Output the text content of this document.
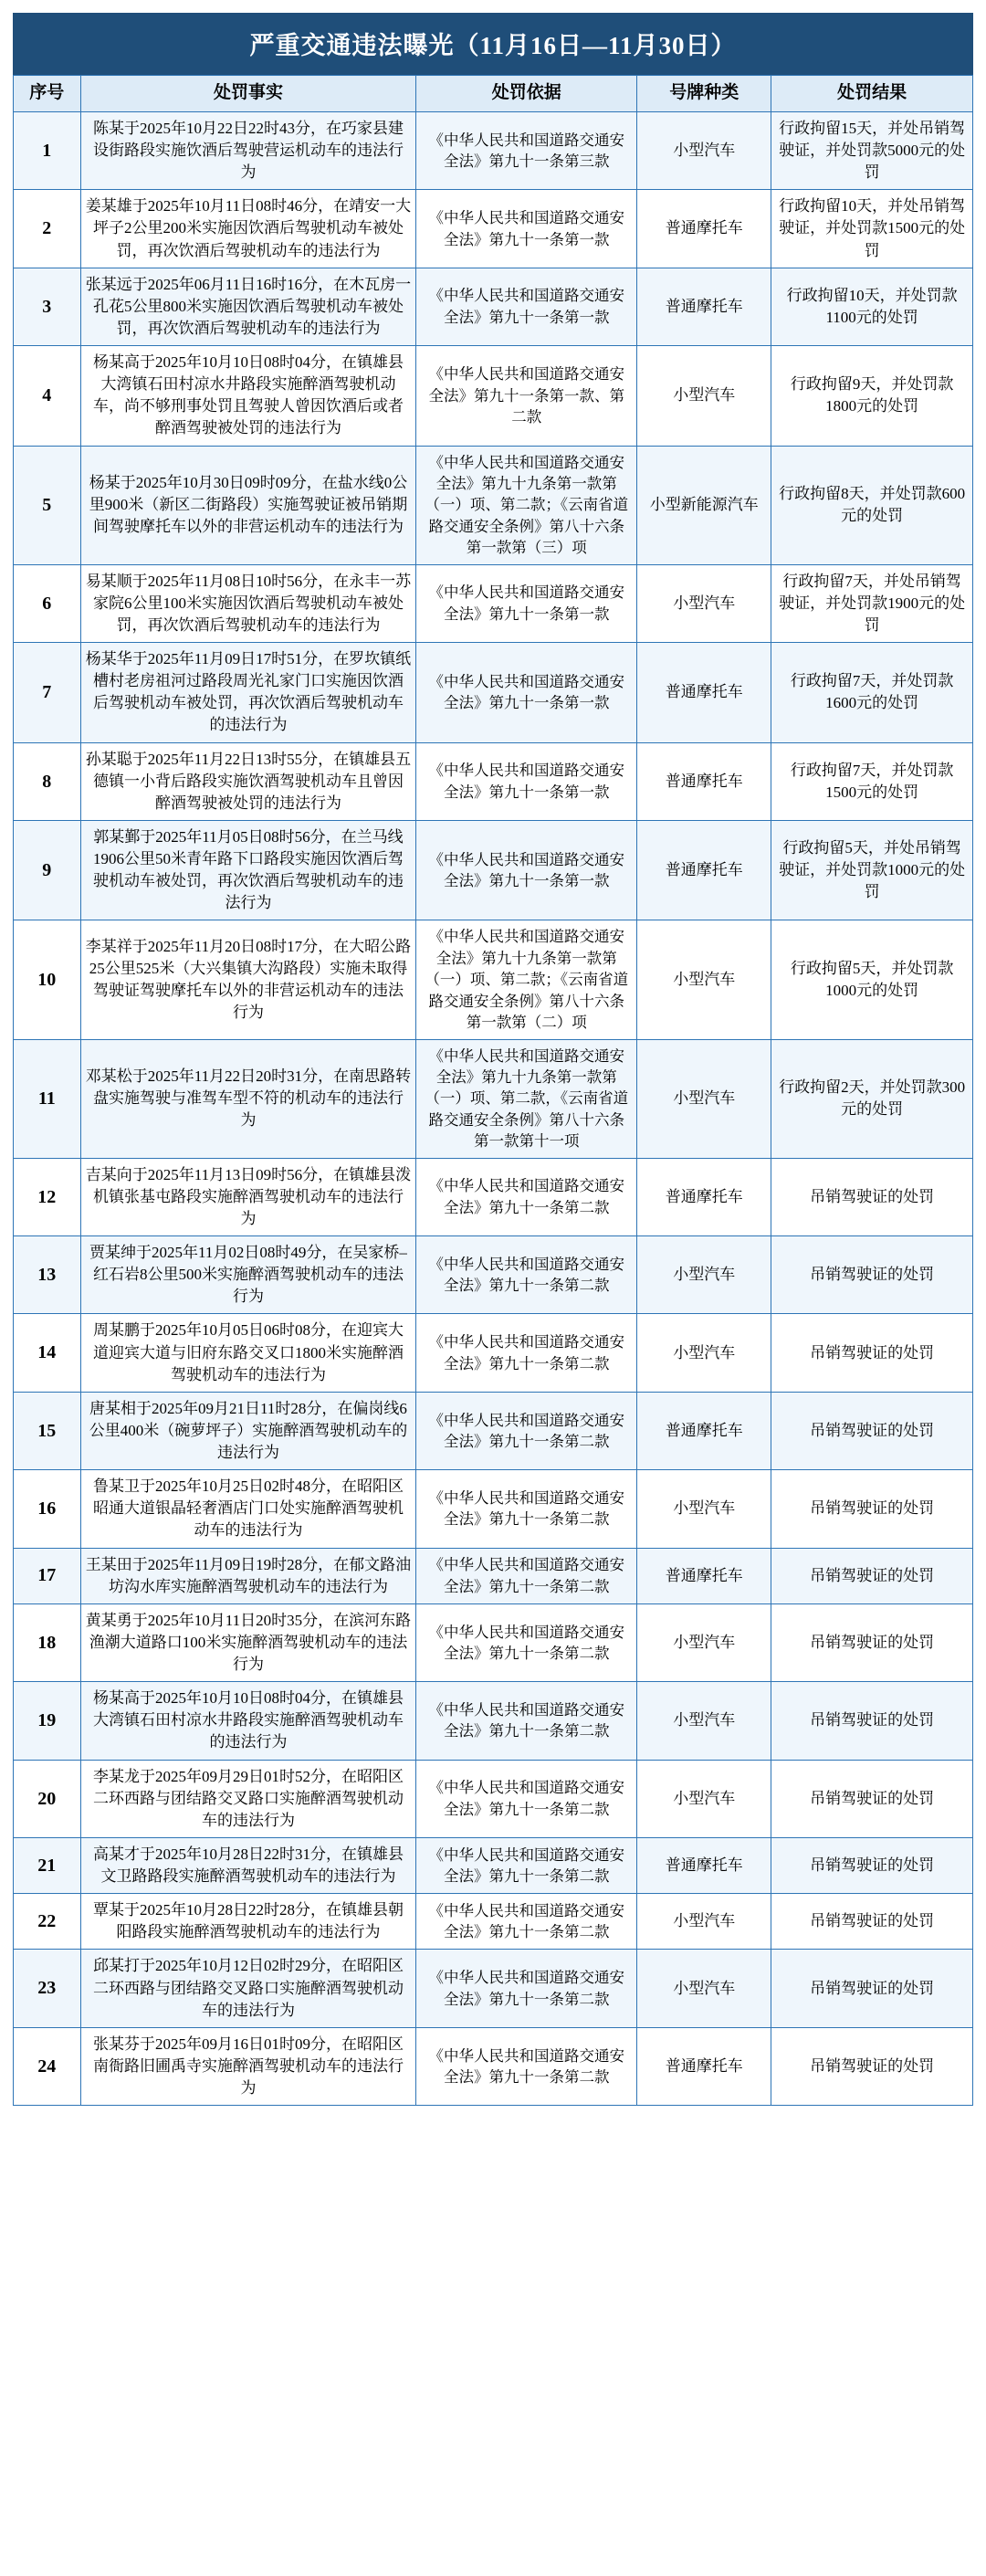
严重交通违法曝光（11月16日—11月30日）
序号	处罚事实	处罚依据	号牌种类	处罚结果
1	陈某于2025年10月22日22时43分，在巧家县建设街路段实施饮酒后驾驶营运机动车的违法行为	《中华人民共和国道路交通安全法》第九十一条第三款	小型汽车	行政拘留15天，并处吊销驾驶证，并处罚款5000元的处罚
2	姜某雄于2025年10月11日08时46分，在靖安一大坪子2公里200米实施因饮酒后驾驶机动车被处罚，再次饮酒后驾驶机动车的违法行为	《中华人民共和国道路交通安全法》第九十一条第一款	普通摩托车	行政拘留10天，并处吊销驾驶证，并处罚款1500元的处罚
3	张某远于2025年06月11日16时16分，在木瓦房一孔花5公里800米实施因饮酒后驾驶机动车被处罚，再次饮酒后驾驶机动车的违法行为	《中华人民共和国道路交通安全法》第九十一条第一款	普通摩托车	行政拘留10天，并处罚款1100元的处罚
4	杨某高于2025年10月10日08时04分，在镇雄县大湾镇石田村凉水井路段实施醉酒驾驶机动车，尚不够刑事处罚且驾驶人曾因饮酒后或者醉酒驾驶被处罚的违法行为	《中华人民共和国道路交通安全法》第九十一条第一款、第二款	小型汽车	行政拘留9天，并处罚款1800元的处罚
5	杨某于2025年10月30日09时09分，在盐水线0公里900米（新区二街路段）实施驾驶证被吊销期间驾驶摩托车以外的非营运机动车的违法行为	《中华人民共和国道路交通安全法》第九十九条第一款第（一）项、第二款；《云南省道路交通安全条例》第八十六条第一款第（三）项	小型新能源汽车	行政拘留8天，并处罚款600元的处罚
6	易某顺于2025年11月08日10时56分，在永丰一苏家院6公里100米实施因饮酒后驾驶机动车被处罚，再次饮酒后驾驶机动车的违法行为	《中华人民共和国道路交通安全法》第九十一条第一款	小型汽车	行政拘留7天，并处吊销驾驶证，并处罚款1900元的处罚
7	杨某华于2025年11月09日17时51分，在罗坎镇纸槽村老房祖河过路段周光礼家门口实施因饮酒后驾驶机动车被处罚，再次饮酒后驾驶机动车的违法行为	《中华人民共和国道路交通安全法》第九十一条第一款	普通摩托车	行政拘留7天，并处罚款1600元的处罚
8	孙某聪于2025年11月22日13时55分，在镇雄县五德镇一小背后路段实施饮酒驾驶机动车且曾因醉酒驾驶被处罚的违法行为	《中华人民共和国道路交通安全法》第九十一条第一款	普通摩托车	行政拘留7天，并处罚款1500元的处罚
9	郭某鄞于2025年11月05日08时56分，在兰马线1906公里50米青年路下口路段实施因饮酒后驾驶机动车被处罚，再次饮酒后驾驶机动车的违法行为	《中华人民共和国道路交通安全法》第九十一条第一款	普通摩托车	行政拘留5天，并处吊销驾驶证，并处罚款1000元的处罚
10	李某祥于2025年11月20日08时17分，在大昭公路25公里525米（大兴集镇大沟路段）实施未取得驾驶证驾驶摩托车以外的非营运机动车的违法行为	《中华人民共和国道路交通安全法》第九十九条第一款第（一）项、第二款；《云南省道路交通安全条例》第八十六条第一款第（二）项	小型汽车	行政拘留5天，并处罚款1000元的处罚
11	邓某松于2025年11月22日20时31分，在南思路转盘实施驾驶与准驾车型不符的机动车的违法行为	《中华人民共和国道路交通安全法》第九十九条第一款第（一）项、第二款，《云南省道路交通安全条例》第八十六条第一款第十一项	小型汽车	行政拘留2天，并处罚款300元的处罚
12	吉某向于2025年11月13日09时56分，在镇雄县泼机镇张基屯路段实施醉酒驾驶机动车的违法行为	《中华人民共和国道路交通安全法》第九十一条第二款	普通摩托车	吊销驾驶证的处罚
13	贾某绅于2025年11月02日08时49分，在吴家桥–红石岩8公里500米实施醉酒驾驶机动车的违法行为	《中华人民共和国道路交通安全法》第九十一条第二款	小型汽车	吊销驾驶证的处罚
14	周某鹏于2025年10月05日06时08分，在迎宾大道迎宾大道与旧府东路交叉口1800米实施醉酒驾驶机动车的违法行为	《中华人民共和国道路交通安全法》第九十一条第二款	小型汽车	吊销驾驶证的处罚
15	唐某相于2025年09月21日11时28分，在偏岗线6公里400米（碗萝坪子）实施醉酒驾驶机动车的违法行为	《中华人民共和国道路交通安全法》第九十一条第二款	普通摩托车	吊销驾驶证的处罚
16	鲁某卫于2025年10月25日02时48分，在昭阳区昭通大道银晶轻奢酒店门口处实施醉酒驾驶机动车的违法行为	《中华人民共和国道路交通安全法》第九十一条第二款	小型汽车	吊销驾驶证的处罚
17	王某田于2025年11月09日19时28分，在郁文路油坊沟水库实施醉酒驾驶机动车的违法行为	《中华人民共和国道路交通安全法》第九十一条第二款	普通摩托车	吊销驾驶证的处罚
18	黄某勇于2025年10月11日20时35分，在滨河东路渔潮大道路口100米实施醉酒驾驶机动车的违法行为	《中华人民共和国道路交通安全法》第九十一条第二款	小型汽车	吊销驾驶证的处罚
19	杨某高于2025年10月10日08时04分，在镇雄县大湾镇石田村凉水井路段实施醉酒驾驶机动车的违法行为	《中华人民共和国道路交通安全法》第九十一条第二款	小型汽车	吊销驾驶证的处罚
20	李某龙于2025年09月29日01时52分，在昭阳区二环西路与团结路交叉路口实施醉酒驾驶机动车的违法行为	《中华人民共和国道路交通安全法》第九十一条第二款	小型汽车	吊销驾驶证的处罚
21	高某才于2025年10月28日22时31分，在镇雄县文卫路路段实施醉酒驾驶机动车的违法行为	《中华人民共和国道路交通安全法》第九十一条第二款	普通摩托车	吊销驾驶证的处罚
22	覃某于2025年10月28日22时28分，在镇雄县朝阳路段实施醉酒驾驶机动车的违法行为	《中华人民共和国道路交通安全法》第九十一条第二款	小型汽车	吊销驾驶证的处罚
23	邱某打于2025年10月12日02时29分，在昭阳区二环西路与团结路交叉路口实施醉酒驾驶机动车的违法行为	《中华人民共和国道路交通安全法》第九十一条第二款	小型汽车	吊销驾驶证的处罚
24	张某芬于2025年09月16日01时09分，在昭阳区南衙路旧圃禹寺实施醉酒驾驶机动车的违法行为	《中华人民共和国道路交通安全法》第九十一条第二款	普通摩托车	吊销驾驶证的处罚
